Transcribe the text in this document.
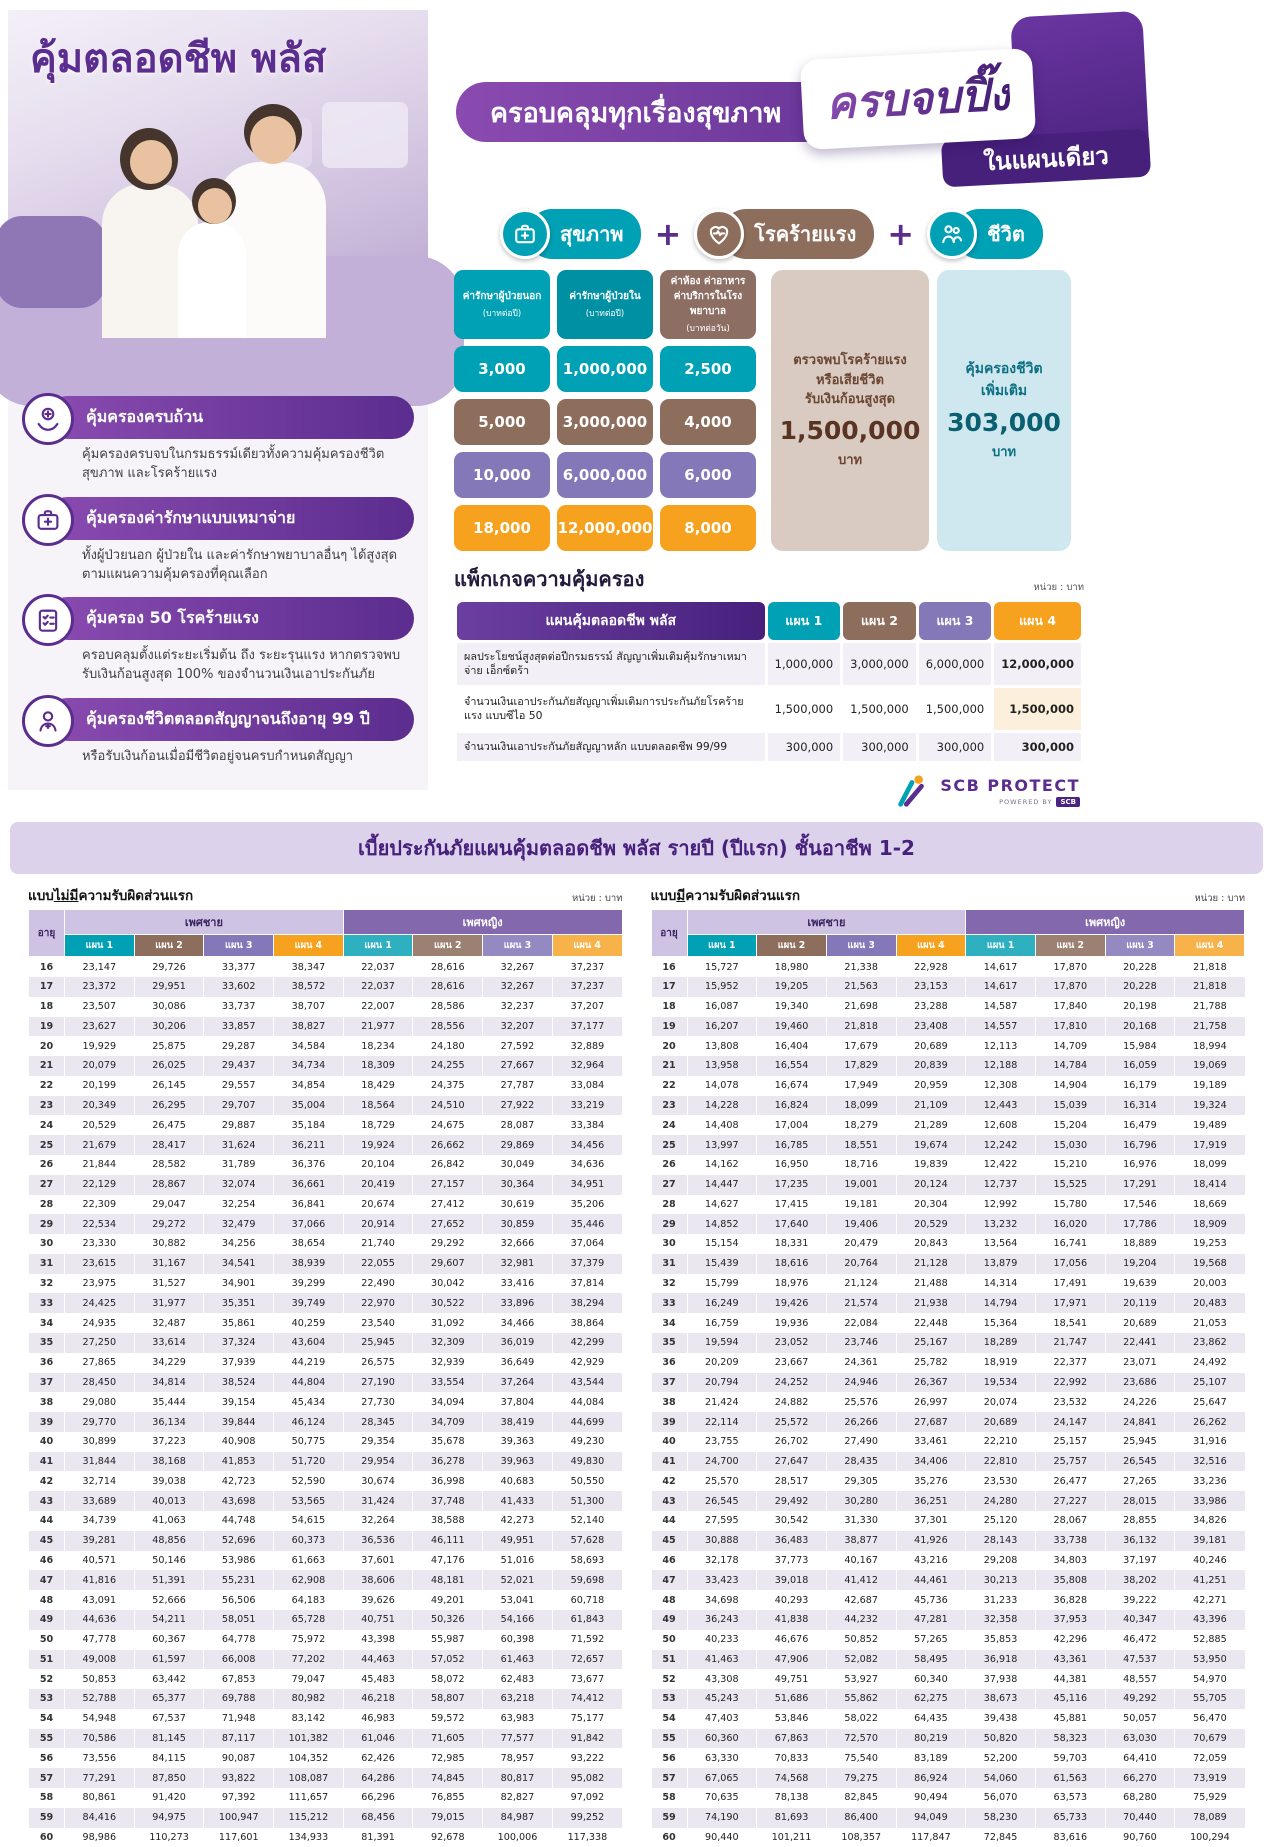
คุ้มตลอดชีพ พลัส
คุ้มครองครบถ้วน
คุ้มครองครบจบในกรมธรรม์เดียวทั้งความคุ้มครองชีวิต สุขภาพ และโรคร้ายแรง
คุ้มครองค่ารักษาแบบเหมาจ่าย
ทั้งผู้ป่วยนอก ผู้ป่วยใน และค่ารักษาพยาบาลอื่นๆ ได้สูงสุด ตามแผนความคุ้มครองที่คุณเลือก
คุ้มครอง 50 โรคร้ายแรง
ครอบคลุมตั้งแต่ระยะเริ่มต้น ถึง ระยะรุนแรง หากตรวจพบรับเงินก้อนสูงสุด 100% ของจำนวนเงินเอาประกันภัย
คุ้มครองชีวิตตลอดสัญญาจนถึงอายุ 99 ปี
หรือรับเงินก้อนเมื่อมีชีวิตอยู่จนครบกำหนดสัญญา
ครอบคลุมทุกเรื่องสุขภาพ ครบจบปิ๊ง
ในแผนเดียว
สุขภาพ +	โรคร้ายแรง +	ชีวิต
ค่ารักษาผู้ป่วยนอก
(บาทต่อปี)	ค่ารักษาผู้ป่วยใน
(บาทต่อปี)	ค่าห้อง ค่าอาหาร ค่าบริการในโรงพยาบาล
(บาทต่อวัน)

3,000	1,000,000	2,500
5,000	3,000,000	4,000
10,000	6,000,000	6,000
18,000	12,000,000	8,000
ตรวจพบโรคร้ายแรง
หรือเสียชีวิต
รับเงินก้อนสูงสุด
1,500,000
บาท
คุ้มครองชีวิต
เพิ่มเติม
303,000
บาท
แพ็กเกจความคุ้มครอง	หน่วย : บาท
แผนคุ้มตลอดชีพ พลัส	แผน 1	แผน 2	แผน 3	แผน 4
ผลประโยชน์สูงสุดต่อปีกรมธรรม์ สัญญาเพิ่มเติมคุ้มรักษาเหมาจ่าย เอ็กซ์ตร้า	1,000,000	3,000,000	6,000,000	12,000,000
จำนวนเงินเอาประกันภัยสัญญาเพิ่มเติมการประกันภัยโรคร้ายแรง แบบซีไอ 50	1,500,000	1,500,000	1,500,000	1,500,000
จำนวนเงินเอาประกันภัยสัญญาหลัก แบบตลอดชีพ 99/99	300,000	300,000	300,000	300,000
SCB PROTECT
POWERED BY	SCB
เบี้ยประกันภัยแผนคุ้มตลอดชีพ พลัส รายปี (ปีแรก) ชั้นอาชีพ 1-2
แบบไม่มีความรับผิดส่วนแรก	หน่วย : บาท
อายุ	เพศชาย				เพศหญิง			
	แผน 1	แผน 2	แผน 3	แผน 4	แผน 1	แผน 2	แผน 3	แผน 4
16	23,147	29,726	33,377	38,347	22,037	28,616	32,267	37,237
17	23,372	29,951	33,602	38,572	22,037	28,616	32,267	37,237
18	23,507	30,086	33,737	38,707	22,007	28,586	32,237	37,207
19	23,627	30,206	33,857	38,827	21,977	28,556	32,207	37,177
20	19,929	25,875	29,287	34,584	18,234	24,180	27,592	32,889
21	20,079	26,025	29,437	34,734	18,309	24,255	27,667	32,964
22	20,199	26,145	29,557	34,854	18,429	24,375	27,787	33,084
23	20,349	26,295	29,707	35,004	18,564	24,510	27,922	33,219
24	20,529	26,475	29,887	35,184	18,729	24,675	28,087	33,384
25	21,679	28,417	31,624	36,211	19,924	26,662	29,869	34,456
26	21,844	28,582	31,789	36,376	20,104	26,842	30,049	34,636
27	22,129	28,867	32,074	36,661	20,419	27,157	30,364	34,951
28	22,309	29,047	32,254	36,841	20,674	27,412	30,619	35,206
29	22,534	29,272	32,479	37,066	20,914	27,652	30,859	35,446
30	23,330	30,882	34,256	38,654	21,740	29,292	32,666	37,064
31	23,615	31,167	34,541	38,939	22,055	29,607	32,981	37,379
32	23,975	31,527	34,901	39,299	22,490	30,042	33,416	37,814
33	24,425	31,977	35,351	39,749	22,970	30,522	33,896	38,294
34	24,935	32,487	35,861	40,259	23,540	31,092	34,466	38,864
35	27,250	33,614	37,324	43,604	25,945	32,309	36,019	42,299
36	27,865	34,229	37,939	44,219	26,575	32,939	36,649	42,929
37	28,450	34,814	38,524	44,804	27,190	33,554	37,264	43,544
38	29,080	35,444	39,154	45,434	27,730	34,094	37,804	44,084
39	29,770	36,134	39,844	46,124	28,345	34,709	38,419	44,699
40	30,899	37,223	40,908	50,775	29,354	35,678	39,363	49,230
41	31,844	38,168	41,853	51,720	29,954	36,278	39,963	49,830
42	32,714	39,038	42,723	52,590	30,674	36,998	40,683	50,550
43	33,689	40,013	43,698	53,565	31,424	37,748	41,433	51,300
44	34,739	41,063	44,748	54,615	32,264	38,588	42,273	52,140
45	39,281	48,856	52,696	60,373	36,536	46,111	49,951	57,628
46	40,571	50,146	53,986	61,663	37,601	47,176	51,016	58,693
47	41,816	51,391	55,231	62,908	38,606	48,181	52,021	59,698
48	43,091	52,666	56,506	64,183	39,626	49,201	53,041	60,718
49	44,636	54,211	58,051	65,728	40,751	50,326	54,166	61,843
50	47,778	60,367	64,778	75,972	43,398	55,987	60,398	71,592
51	49,008	61,597	66,008	77,202	44,463	57,052	61,463	72,657
52	50,853	63,442	67,853	79,047	45,483	58,072	62,483	73,677
53	52,788	65,377	69,788	80,982	46,218	58,807	63,218	74,412
54	54,948	67,537	71,948	83,142	46,983	59,572	63,983	75,177
55	70,586	81,145	87,117	101,382	61,046	71,605	77,577	91,842
56	73,556	84,115	90,087	104,352	62,426	72,985	78,957	93,222
57	77,291	87,850	93,822	108,087	64,286	74,845	80,817	95,082
58	80,861	91,420	97,392	111,657	66,296	76,855	82,827	97,092
59	84,416	94,975	100,947	115,212	68,456	79,015	84,987	99,252
60	98,986	110,273	117,601	134,933	81,391	92,678	100,006	117,338
แบบมีความรับผิดส่วนแรก	หน่วย : บาท
อายุ	เพศชาย				เพศหญิง			
	แผน 1	แผน 2	แผน 3	แผน 4	แผน 1	แผน 2	แผน 3	แผน 4
16	15,727	18,980	21,338	22,928	14,617	17,870	20,228	21,818
17	15,952	19,205	21,563	23,153	14,617	17,870	20,228	21,818
18	16,087	19,340	21,698	23,288	14,587	17,840	20,198	21,788
19	16,207	19,460	21,818	23,408	14,557	17,810	20,168	21,758
20	13,808	16,404	17,679	20,689	12,113	14,709	15,984	18,994
21	13,958	16,554	17,829	20,839	12,188	14,784	16,059	19,069
22	14,078	16,674	17,949	20,959	12,308	14,904	16,179	19,189
23	14,228	16,824	18,099	21,109	12,443	15,039	16,314	19,324
24	14,408	17,004	18,279	21,289	12,608	15,204	16,479	19,489
25	13,997	16,785	18,551	19,674	12,242	15,030	16,796	17,919
26	14,162	16,950	18,716	19,839	12,422	15,210	16,976	18,099
27	14,447	17,235	19,001	20,124	12,737	15,525	17,291	18,414
28	14,627	17,415	19,181	20,304	12,992	15,780	17,546	18,669
29	14,852	17,640	19,406	20,529	13,232	16,020	17,786	18,909
30	15,154	18,331	20,479	20,843	13,564	16,741	18,889	19,253
31	15,439	18,616	20,764	21,128	13,879	17,056	19,204	19,568
32	15,799	18,976	21,124	21,488	14,314	17,491	19,639	20,003
33	16,249	19,426	21,574	21,938	14,794	17,971	20,119	20,483
34	16,759	19,936	22,084	22,448	15,364	18,541	20,689	21,053
35	19,594	23,052	23,746	25,167	18,289	21,747	22,441	23,862
36	20,209	23,667	24,361	25,782	18,919	22,377	23,071	24,492
37	20,794	24,252	24,946	26,367	19,534	22,992	23,686	25,107
38	21,424	24,882	25,576	26,997	20,074	23,532	24,226	25,647
39	22,114	25,572	26,266	27,687	20,689	24,147	24,841	26,262
40	23,755	26,702	27,490	33,461	22,210	25,157	25,945	31,916
41	24,700	27,647	28,435	34,406	22,810	25,757	26,545	32,516
42	25,570	28,517	29,305	35,276	23,530	26,477	27,265	33,236
43	26,545	29,492	30,280	36,251	24,280	27,227	28,015	33,986
44	27,595	30,542	31,330	37,301	25,120	28,067	28,855	34,826
45	30,888	36,483	38,877	41,926	28,143	33,738	36,132	39,181
46	32,178	37,773	40,167	43,216	29,208	34,803	37,197	40,246
47	33,423	39,018	41,412	44,461	30,213	35,808	38,202	41,251
48	34,698	40,293	42,687	45,736	31,233	36,828	39,222	42,271
49	36,243	41,838	44,232	47,281	32,358	37,953	40,347	43,396
50	40,233	46,676	50,852	57,265	35,853	42,296	46,472	52,885
51	41,463	47,906	52,082	58,495	36,918	43,361	47,537	53,950
52	43,308	49,751	53,927	60,340	37,938	44,381	48,557	54,970
53	45,243	51,686	55,862	62,275	38,673	45,116	49,292	55,705
54	47,403	53,846	58,022	64,435	39,438	45,881	50,057	56,470
55	60,360	67,863	72,570	80,219	50,820	58,323	63,030	70,679
56	63,330	70,833	75,540	83,189	52,200	59,703	64,410	72,059
57	67,065	74,568	79,275	86,924	54,060	61,563	66,270	73,919
58	70,635	78,138	82,845	90,494	56,070	63,573	68,280	75,929
59	74,190	81,693	86,400	94,049	58,230	65,733	70,440	78,089
60	90,440	101,211	108,357	117,847	72,845	83,616	90,760	100,294
